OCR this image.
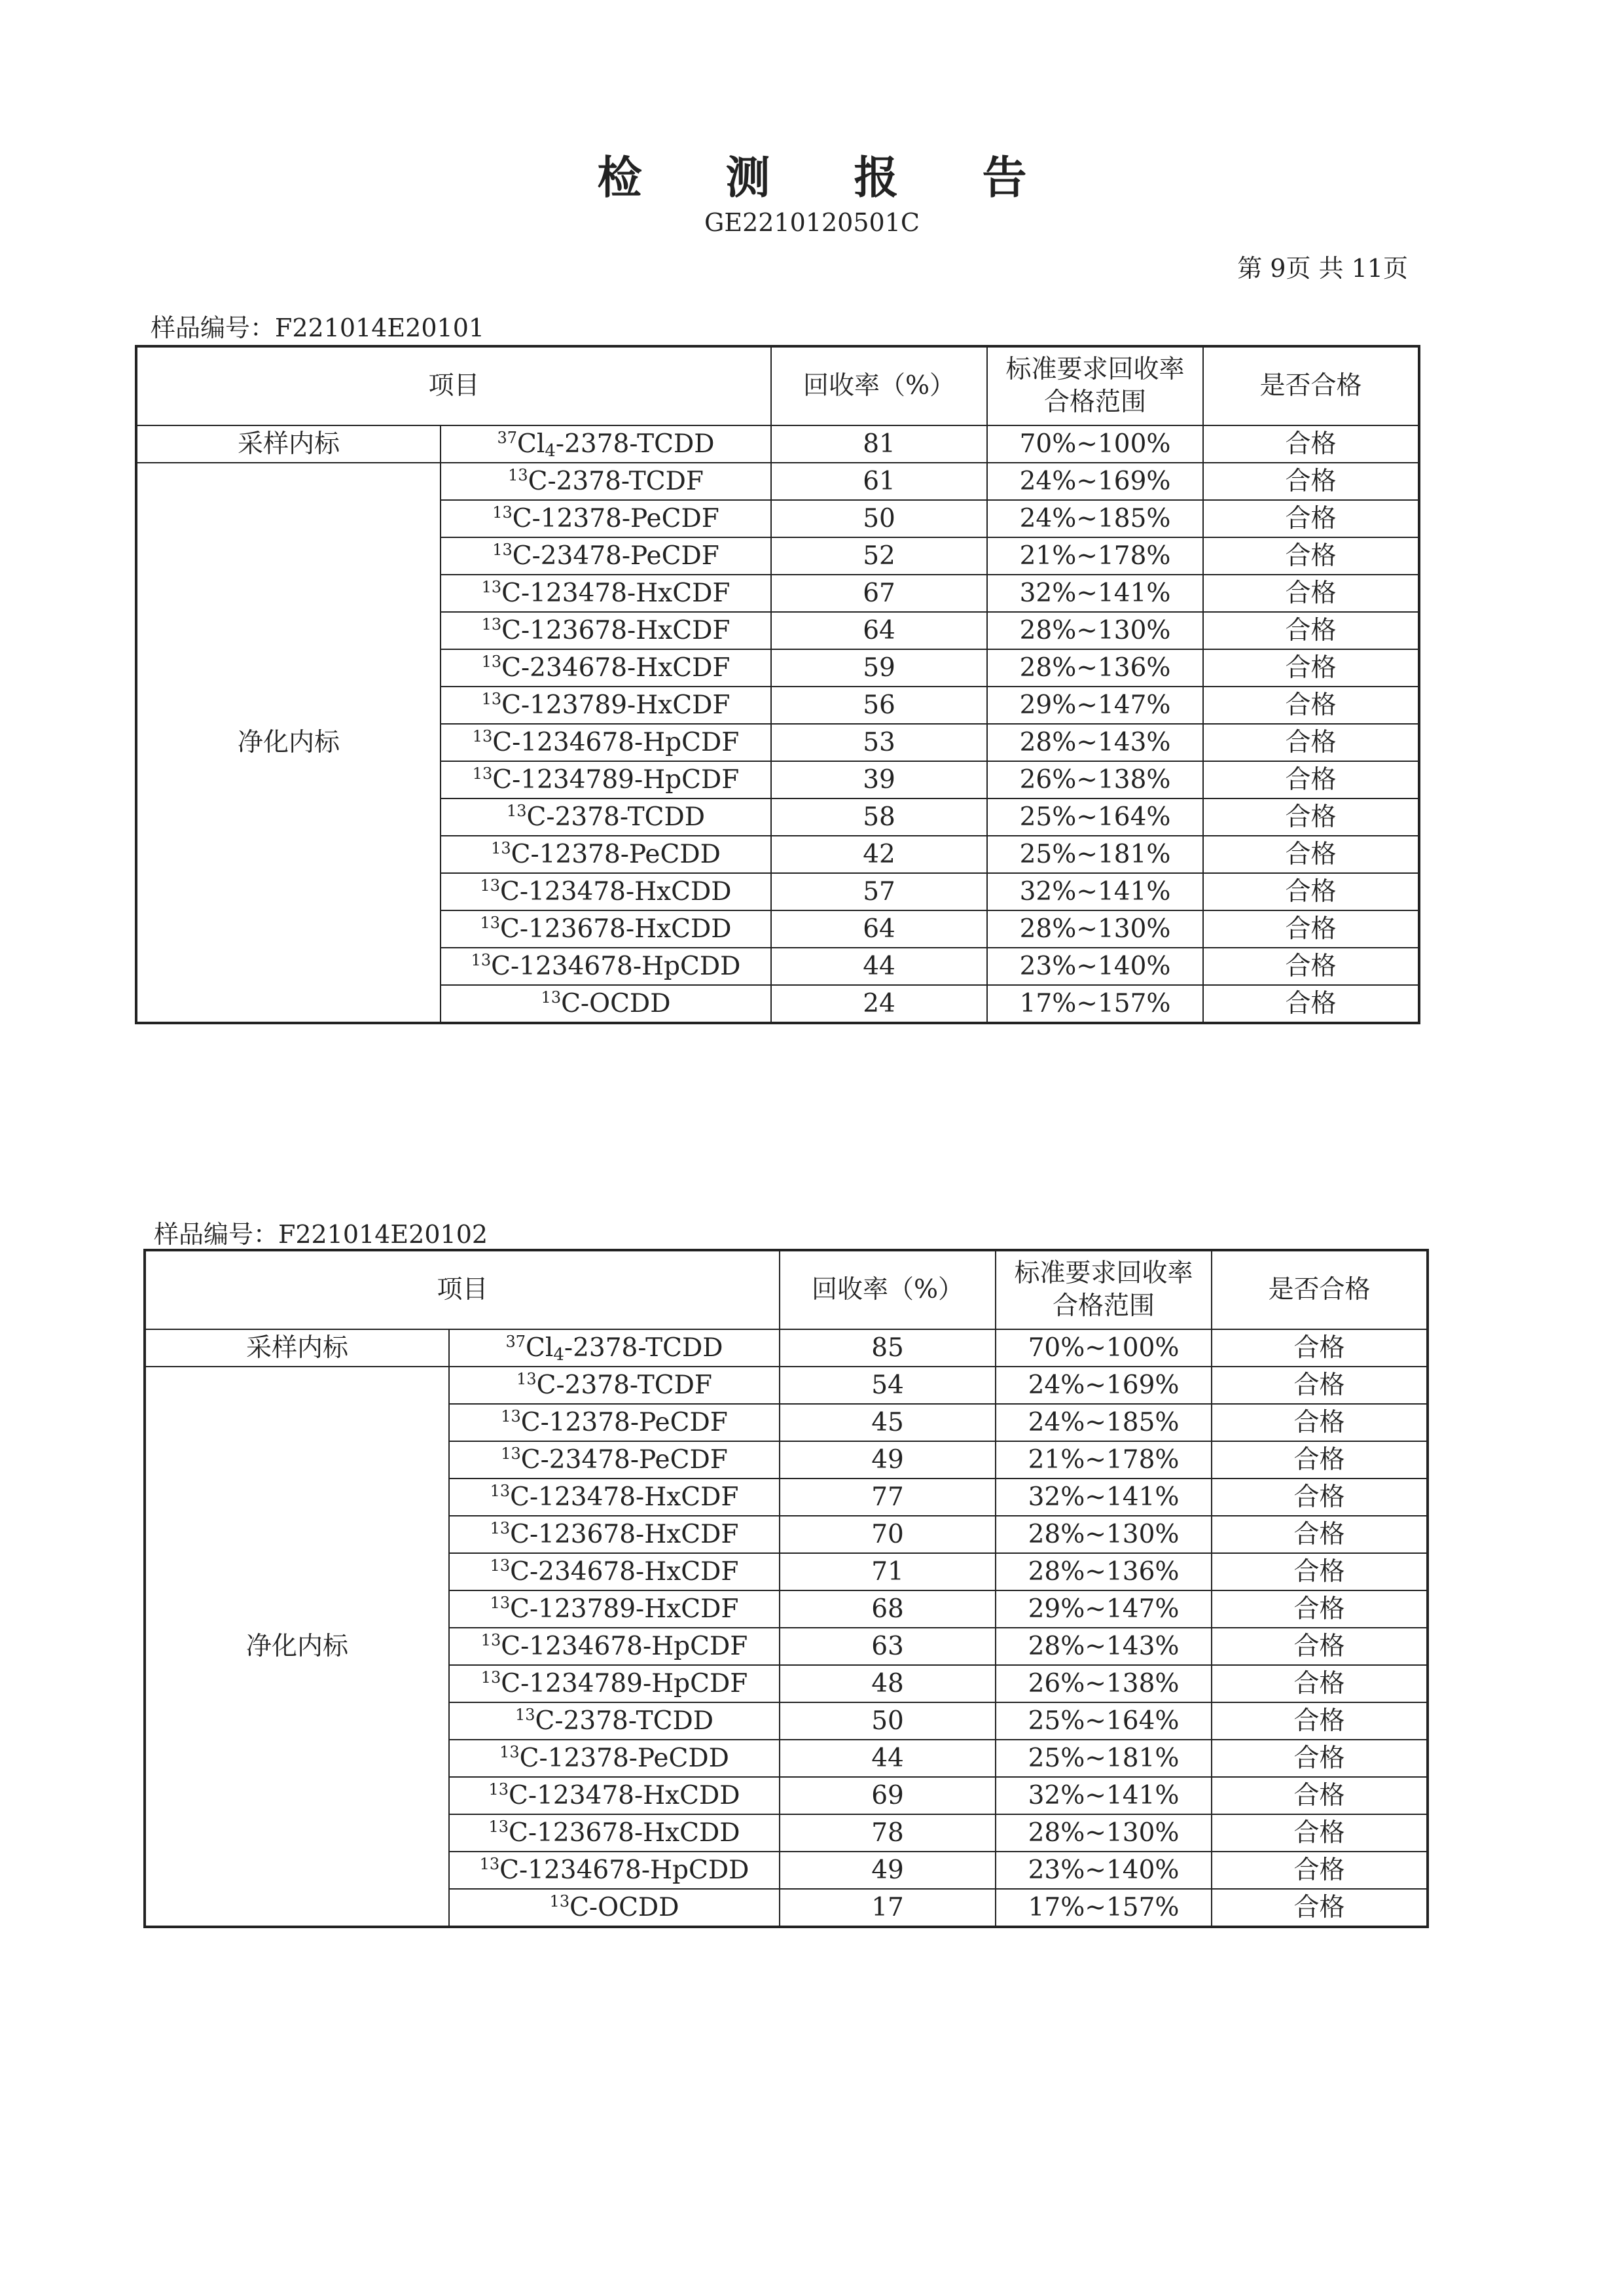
检测报告
GE2210120501C
第 9页 共 11页
样品编号：F221014E20101
项目		回收率（%）	标准要求回收率合格范围	是否合格
采样内标	$^{37}Cl_4-2378$-TCDD	81	70%~100%	合格
净化内标	$^{13}$C-2378-TCDF	61	24%~169%	合格
	$^{13}$C-12378-PeCDF	50	24%~185%	合格
	$^{13}$C-23478-PeCDF	52	21%~178%	合格
	$^{13}$C-123478-HxCDF	67	32%~141%	合格
	$^{13}$C-123678-HxCDF	64	28%~130%	合格
	$^{13}$C-234678-HxCDF	59	28%~136%	合格
	$^{13}$C-123789-HxCDF	56	29%~147%	合格
	$^{13}$C-1234678-HpCDF	53	28%~143%	合格
	$^{13}$C-1234789-HpCDF	39	26%~138%	合格
	$^{13}$C-2378-TCDD	58	25%~164%	合格
	$^{13}$C-12378-PeCDD	42	25%~181%	合格
	$^{13}$C-123478-HxCDD	57	32%~141%	合格
	$^{13}$C-123678-HxCDD	64	28%~130%	合格
	$^{13}$C-1234678-HpCDD	44	23%~140%	合格
	$^{13}$C-OCDD	24	17%~157%	合格
样品编号：F221014E20102
项目		回收率（%）	标准要求回收率合格范围	是否合格
采样内标	$^{37}Cl_4-2378$-TCDD	85	70%~100%	合格
净化内标	$^{13}$C-2378-TCDF	54	24%~169%	合格
	$^{13}$C-12378-PeCDF	45	24%~185%	合格
	$^{13}$C-23478-PeCDF	49	21%~178%	合格
	$^{13}$C-123478-HxCDF	77	32%~141%	合格
	$^{13}$C-123678-HxCDF	70	28%~130%	合格
	$^{13}$C-234678-HxCDF	71	28%~136%	合格
	$^{13}$C-123789-HxCDF	68	29%~147%	合格
	$^{13}$C-1234678-HpCDF	63	28%~143%	合格
	$^{13}$C-1234789-HpCDF	48	26%~138%	合格
	$^{13}$C-2378-TCDD	50	25%~164%	合格
	$^{13}$C-12378-PeCDD	44	25%~181%	合格
	$^{13}$C-123478-HxCDD	69	32%~141%	合格
	$^{13}$C-123678-HxCDD	78	28%~130%	合格
	$^{13}$C-1234678-HpCDD	49	23%~140%	合格
	$^{13}$C-OCDD	17	17%~157%	合格
